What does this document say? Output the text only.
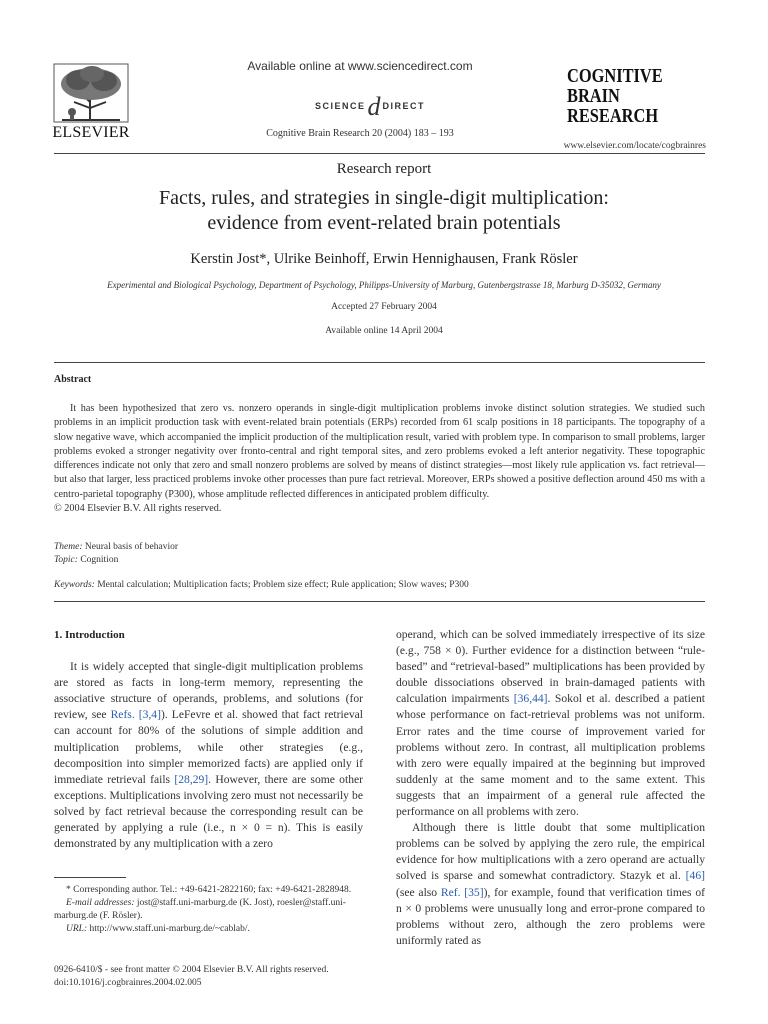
ELSEVIER
Available online at www.sciencedirect.com
SCIENCEd DIRECT
Cognitive Brain Research 20 (2004) 183 – 193
COGNITIVE
BRAIN
RESEARCH
www.elsevier.com/locate/cogbrainres
Research report
Facts, rules, and strategies in single-digit multiplication:
evidence from event-related brain potentials
Kerstin Jost*, Ulrike Beinhoff, Erwin Hennighausen, Frank Rösler
Experimental and Biological Psychology, Department of Psychology, Philipps-University of Marburg, Gutenbergstrasse 18, Marburg D-35032, Germany
Accepted 27 February 2004
Available online 14 April 2004
Abstract

It has been hypothesized that zero vs. nonzero operands in single-digit multiplication problems invoke distinct solution strategies. We studied such problems in an implicit production task with event-related brain potentials (ERPs) recorded from 61 scalp positions in 18 participants. The topography of a slow negative wave, which accompanied the implicit production of the multiplication result, varied with problem type. In comparison to small problems, larger problems evoked a stronger negativity over fronto-central and right temporal sites, and zero problems evoked a left anterior negativity. These topographic differences indicate not only that zero and small nonzero problems are solved by means of distinct strategies—most likely rule application vs. fact retrieval—but also that larger, less practiced problems invoke other processes than pure fact retrieval. Moreover, ERPs showed a positive deflection around 450 ms with a centro-parietal topography (P300), whose amplitude reflected differences in anticipated problem difficulty.

© 2004 Elsevier B.V. All rights reserved.

Theme: Neural basis of behavior
Topic: Cognition
Keywords: Mental calculation; Multiplication facts; Problem size effect; Rule application; Slow waves; P300

1. Introduction

It is widely accepted that single-digit multiplication problems are stored as facts in long-term memory, representing the associative structure of operands, problems, and solutions (for review, see Refs. [3,4]). LeFevre et al. showed that fact retrieval can account for 80% of the solutions of simple addition and multiplication problems, while other strategies (e.g., decomposition into simpler memorized facts) are applied only if immediate retrieval fails [28,29]. However, there are some other exceptions. Multiplications involving zero must not necessarily be solved by fact retrieval because the corresponding result can be generated by applying a rule (i.e., n × 0 = n). This is easily demonstrated by any multiplication with a zero

* Corresponding author. Tel.: +49-6421-2822160; fax: +49-6421-2828948.
E-mail addresses: jost@staff.uni-marburg.de (K. Jost), roesler@staff.uni-marburg.de (F. Rösler).
URL: http://www.staff.uni-marburg.de/~cablab/.
0926-6410/$ - see front matter © 2004 Elsevier B.V. All rights reserved.
doi:10.1016/j.cogbrainres.2004.02.005

operand, which can be solved immediately irrespective of its size (e.g., 758 × 0). Further evidence for a distinction between “rule-based” and “retrieval-based” multiplications has been provided by double dissociations observed in brain-damaged patients with calculation impairments [36,44]. Sokol et al. described a patient whose performance on fact-retrieval problems was not uniform. Error rates and the time course of improvement varied for problems without zero. In contrast, all multiplication problems with zero were equally impaired at the beginning but improved suddenly at the same moment and to the same extent. This suggests that an impairment of a general rule affected the performance on all problems with zero.

Although there is little doubt that some multiplication problems can be solved by applying the zero rule, the empirical evidence for how multiplications with a zero operand are actually solved is sparse and somewhat contradictory. Stazyk et al. [46] (see also Ref. [35]), for example, found that verification times of n × 0 problems were unusually long and error-prone compared to problems without zero, although the zero problems were uniformly rated as
